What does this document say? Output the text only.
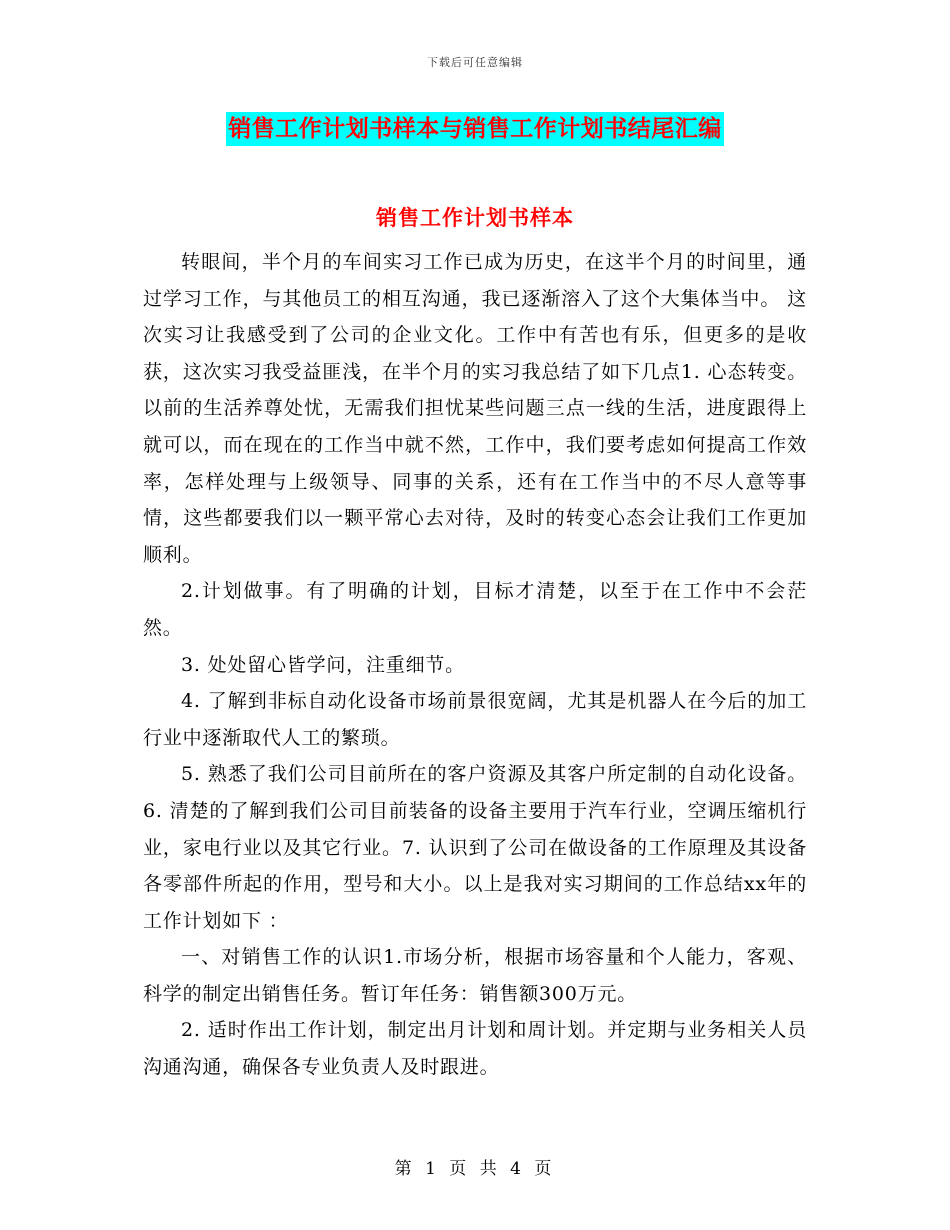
下载后可任意编辑
销售工作计划书样本与销售工作计划书结尾汇编
销售工作计划书样本

转眼间，半个月的车间实习工作已成为历史，在这半个月的时间里，通过学习工作，与其他员工的相互沟通，我已逐渐溶入了这个大集体当中。 这次实习让我感受到了公司的企业文化。工作中有苦也有乐，但更多的是收获，这次实习我受益匪浅，在半个月的实习我总结了如下几点1. 心态转变。以前的生活养尊处忧，无需我们担忧某些问题三点一线的生活，进度跟得上就可以，而在现在的工作当中就不然，工作中，我们要考虑如何提高工作效率，怎样处理与上级领导、同事的关系，还有在工作当中的不尽人意等事情，这些都要我们以一颗平常心去对待，及时的转变心态会让我们工作更加顺利。

2.计划做事。有了明确的计划，目标才清楚，以至于在工作中不会茫然。

3. 处处留心皆学问，注重细节。

4. 了解到非标自动化设备市场前景很宽阔，尤其是机器人在今后的加工行业中逐渐取代人工的繁琐。

5. 熟悉了我们公司目前所在的客户资源及其客户所定制的自动化设备。6. 清楚的了解到我们公司目前装备的设备主要用于汽车行业，空调压缩机行业，家电行业以及其它行业。7. 认识到了公司在做设备的工作原理及其设备各零部件所起的作用，型号和大小。以上是我对实习期间的工作总结xx年的工作计划如下 ：

一、对销售工作的认识1.市场分析，根据市场容量和个人能力，客观、科学的制定出销售任务。暂订年任务：销售额300万元。

2. 适时作出工作计划，制定出月计划和周计划。并定期与业务相关人员沟通沟通，确保各专业负责人及时跟进。

第 1 页 共 4 页
